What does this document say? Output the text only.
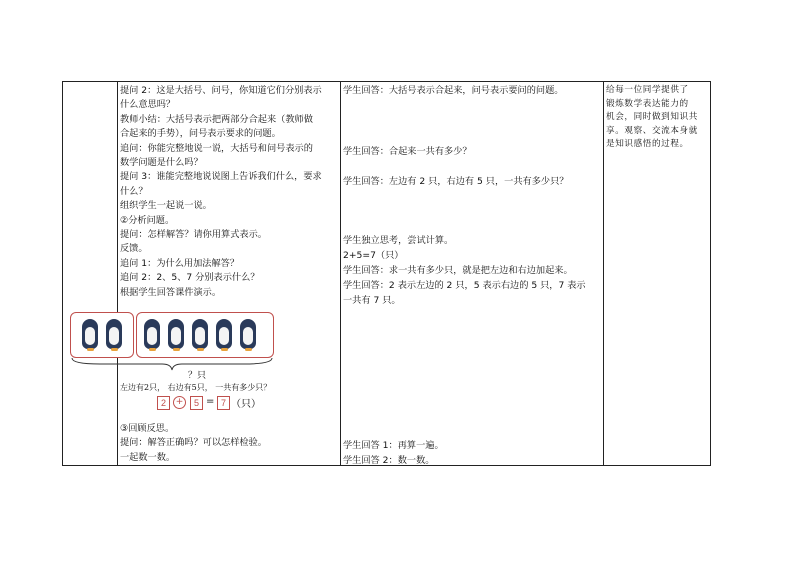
提问 2：这是大括号、问号，你知道它们分别表示
什么意思吗？
教师小结：大括号表示把两部分合起来（教师做
合起来的手势），问号表示要求的问题。
追问：你能完整地说一说，大括号和问号表示的
数学问题是什么吗？
提问 3：谁能完整地说说图上告诉我们什么，要求
什么？
组织学生一起说一说。
②分析问题。
提问：怎样解答？请你用算式表示。
反馈。
追问 1：为什么用加法解答？
追问 2：2、5、7 分别表示什么？
根据学生回答课件演示。
③回顾反思。
提问：解答正确吗？可以怎样检验。
一起数一数。
学生回答：大括号表示合起来，问号表示要问的问题。
学生回答：合起来一共有多少？
学生回答：左边有 2 只，右边有 5 只，一共有多少只？
学生独立思考，尝试计算。
2+5=7（只）
学生回答：求一共有多少只，就是把左边和右边加起来。
学生回答：2 表示左边的 2 只，5 表示右边的 5 只，7 表示
一共有 7 只。
学生回答 1：再算一遍。
学生回答 2：数一数。
给每一位同学提供了
锻炼数学表达能力的
机会，同时做到知识共
享。观察、交流本身就
是知识感悟的过程。
？只
左边有2只， 右边有5只， 一共有多少只？
2	+	5 = 7 （只）
